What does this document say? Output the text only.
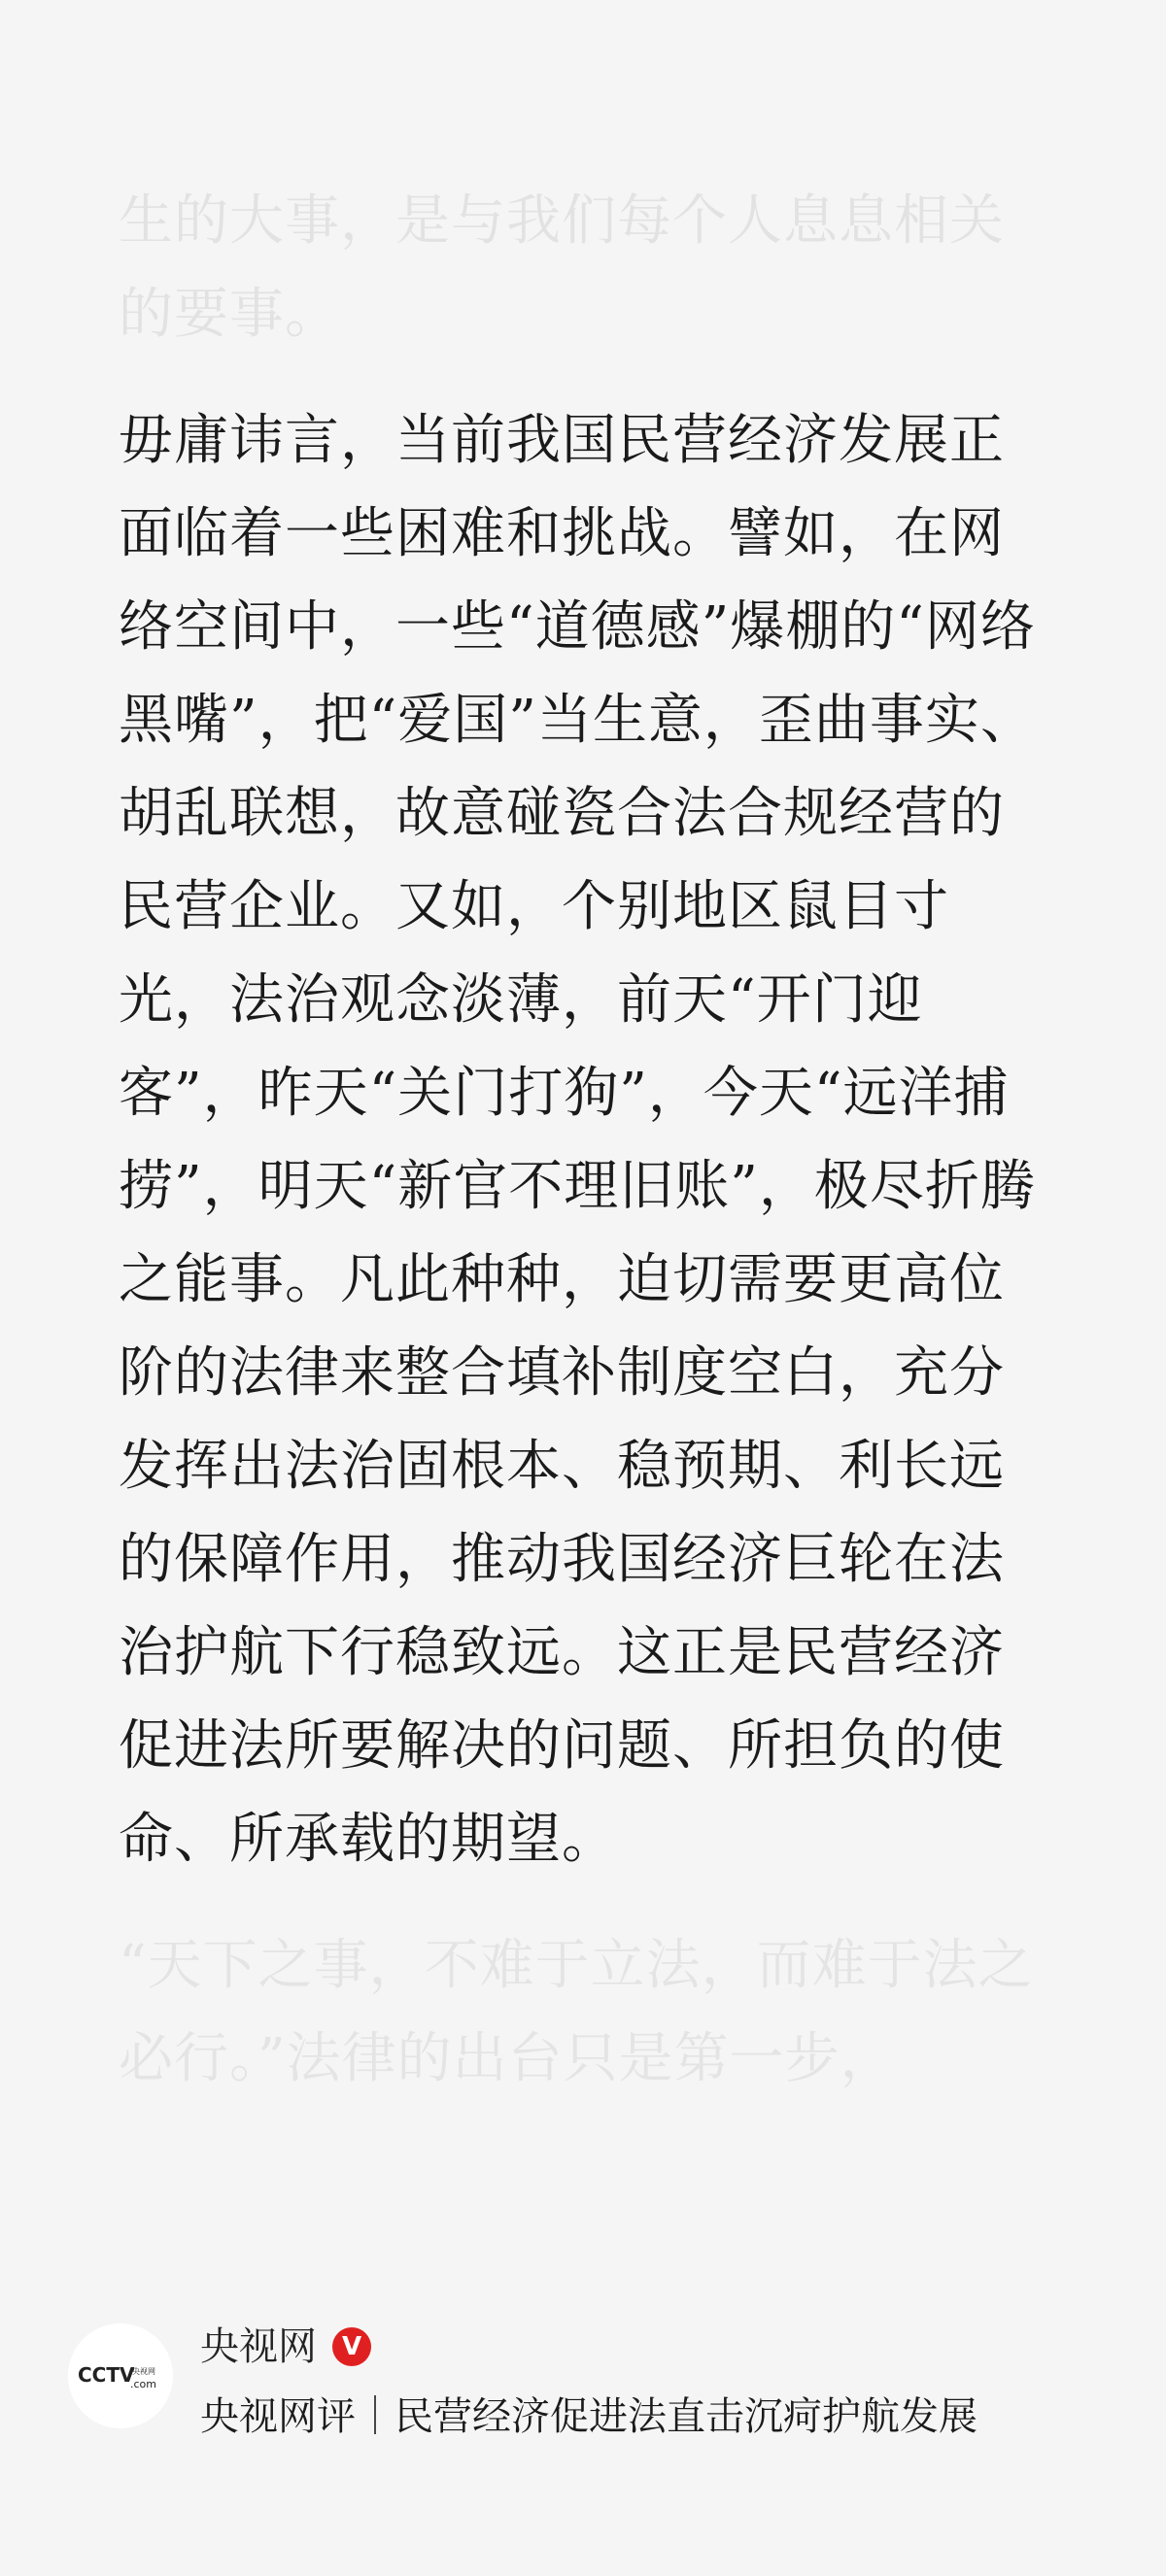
生的大事，是与我们每个人息息相关的要事。

毋庸讳言，当前我国民营经济发展正面临着一些困难和挑战。譬如，在网络空间中，一些“道德感”爆棚的“网络黑嘴”，把“爱国”当生意，歪曲事实、胡乱联想，故意碰瓷合法合规经营的民营企业。又如，个别地区鼠目寸光，法治观念淡薄，前天“开门迎客”，昨天“关门打狗”，今天“远洋捕捞”，明天“新官不理旧账”，极尽折腾之能事。凡此种种，迫切需要更高位阶的法律来整合填补制度空白，充分发挥出法治固根本、稳预期、利长远的保障作用，推动我国经济巨轮在法治护航下行稳致远。这正是民营经济促进法所要解决的问题、所担负的使命、所承载的期望。

“天下之事，不难于立法，而难于法之必行。”法律的出台只是第一步，

CCTV
央视网
.com
央视网 V
央视网评｜民营经济促进法直击沉疴护航发展
